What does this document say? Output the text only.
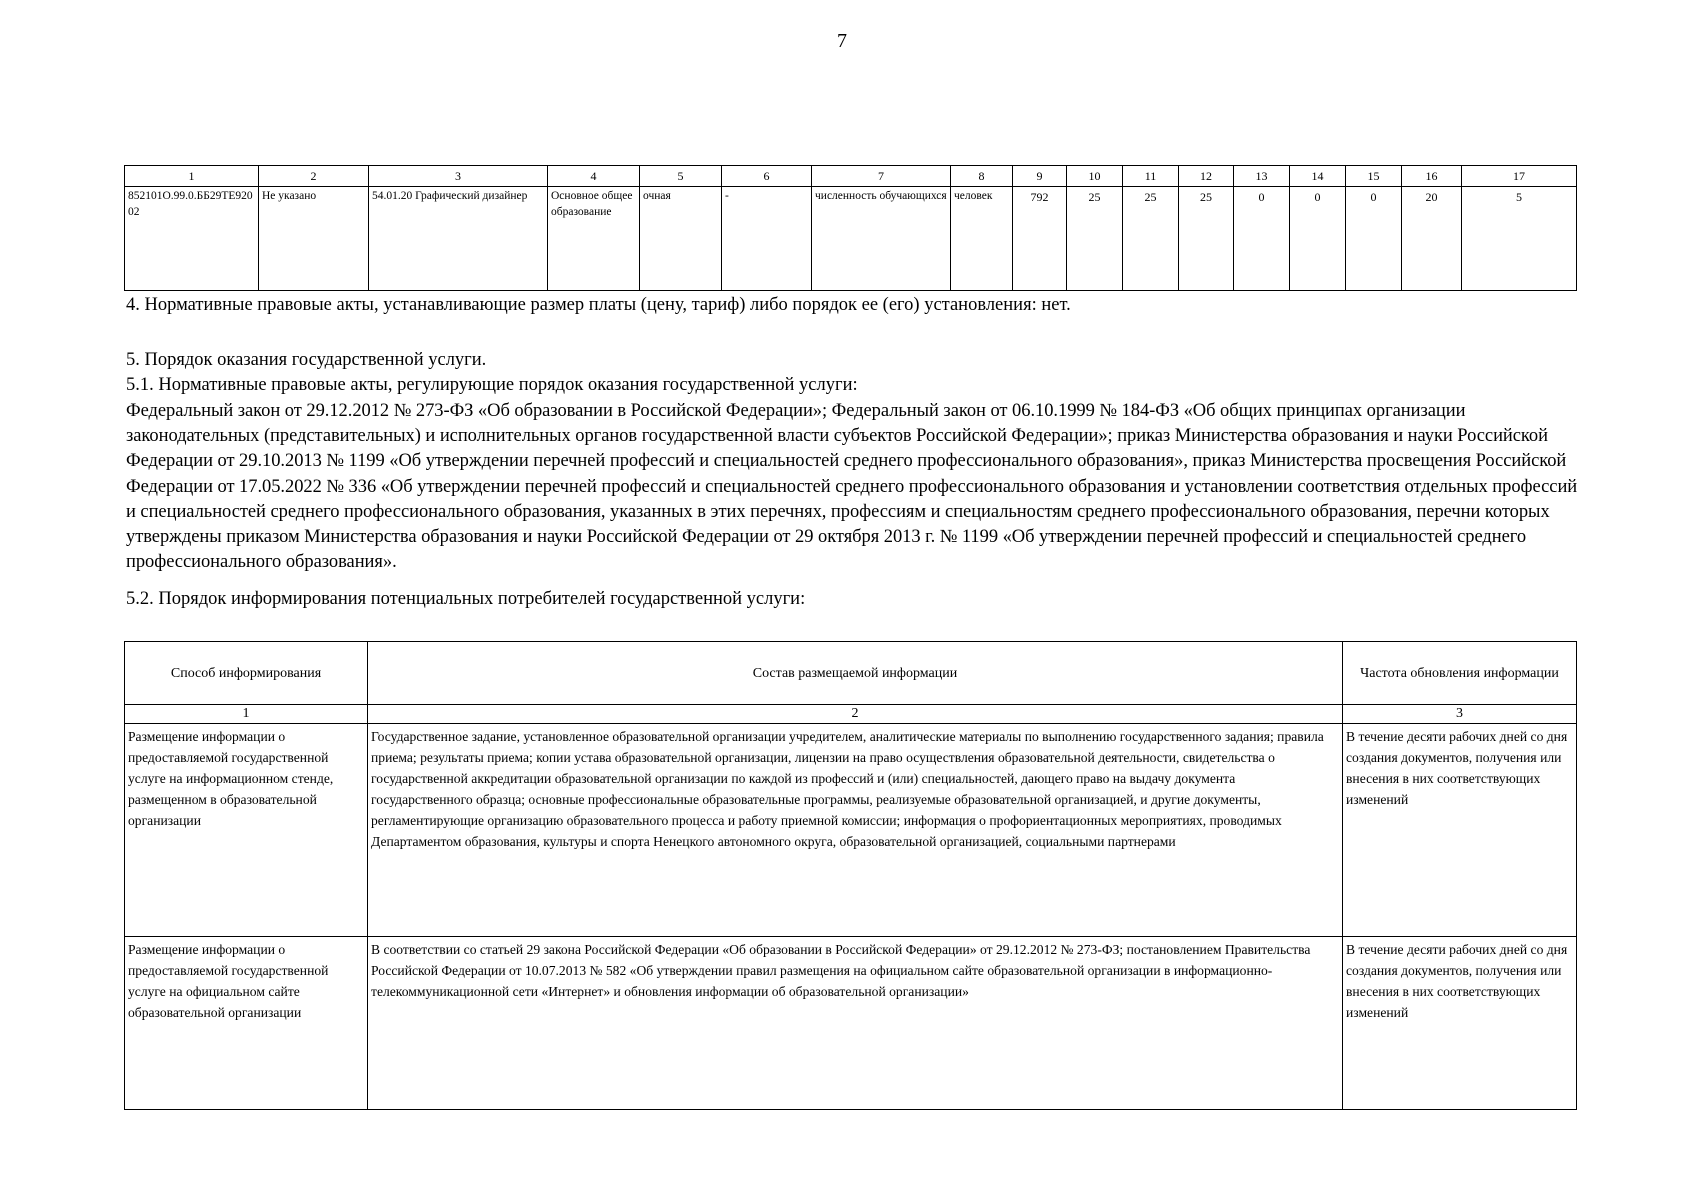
7
1	2	3	4	5	6	7	8	9	10	11	12	13	14	15	16	17
852101О.99.0.ББ29ТЕ92002	Не указано	54.01.20 Графический дизайнер	Основное общее образование	очная	-	численность обучающихся	человек	792	25	25	25	0	0	0	20	5
4. Нормативные правовые акты, устанавливающие размер платы (цену, тариф) либо порядок ее (его) установления: нет.
5. Порядок оказания государственной услуги.
5.1. Нормативные правовые акты, регулирующие порядок оказания государственной услуги:
Федеральный закон от 29.12.2012 № 273-ФЗ «Об образовании в Российской Федерации»; Федеральный закон от 06.10.1999 № 184-ФЗ «Об общих принципах организации законодательных (представительных) и исполнительных органов государственной власти субъектов Российской Федерации»; приказ Министерства образования и науки Российской Федерации от 29.10.2013 № 1199 «Об утверждении перечней профессий и специальностей среднего профессионального образования», приказ Министерства просвещения Российской Федерации от 17.05.2022 № 336 «Об утверждении перечней профессий и специальностей среднего профессионального образования и установлении соответствия отдельных профессий и специальностей среднего профессионального образования, указанных в этих перечнях, профессиям и специальностям среднего профессионального образования, перечни которых утверждены приказом Министерства образования и науки Российской Федерации от 29 октября 2013 г. № 1199 «Об утверждении перечней профессий и специальностей среднего профессионального образования».
5.2. Порядок информирования потенциальных потребителей государственной услуги:
Способ информирования	Состав размещаемой информации	Частота обновления информации
1	2	3
Размещение информации о предоставляемой государственной услуге на информационном стенде, размещенном в образовательной организации	Государственное задание, установленное образовательной организации учредителем, аналитические материалы по выполнению государственного задания; правила приема; результаты приема; копии устава образовательной организации, лицензии на право осуществления образовательной деятельности, свидетельства о государственной аккредитации образовательной организации по каждой из профессий и (или) специальностей, дающего право на выдачу документа государственного образца; основные профессиональные образовательные программы, реализуемые образовательной организацией, и другие документы, регламентирующие организацию образовательного процесса и работу приемной комиссии; информация о профориентационных мероприятиях, проводимых Департаментом образования, культуры и спорта Ненецкого автономного округа, образовательной организацией, социальными партнерами	В течение десяти рабочих дней со дня создания документов, получения или внесения в них соответствующих изменений
Размещение информации о предоставляемой государственной услуге на официальном сайте образовательной организации	В соответствии со статьей 29 закона Российской Федерации «Об образовании в Российской Федерации» от 29.12.2012 № 273-ФЗ; постановлением Правительства Российской Федерации от 10.07.2013 № 582 «Об утверждении правил размещения на официальном сайте образовательной организации в информационно-телекоммуникационной сети «Интернет» и обновления информации об образовательной организации»	В течение десяти рабочих дней со дня создания документов, получения или внесения в них соответствующих изменений
